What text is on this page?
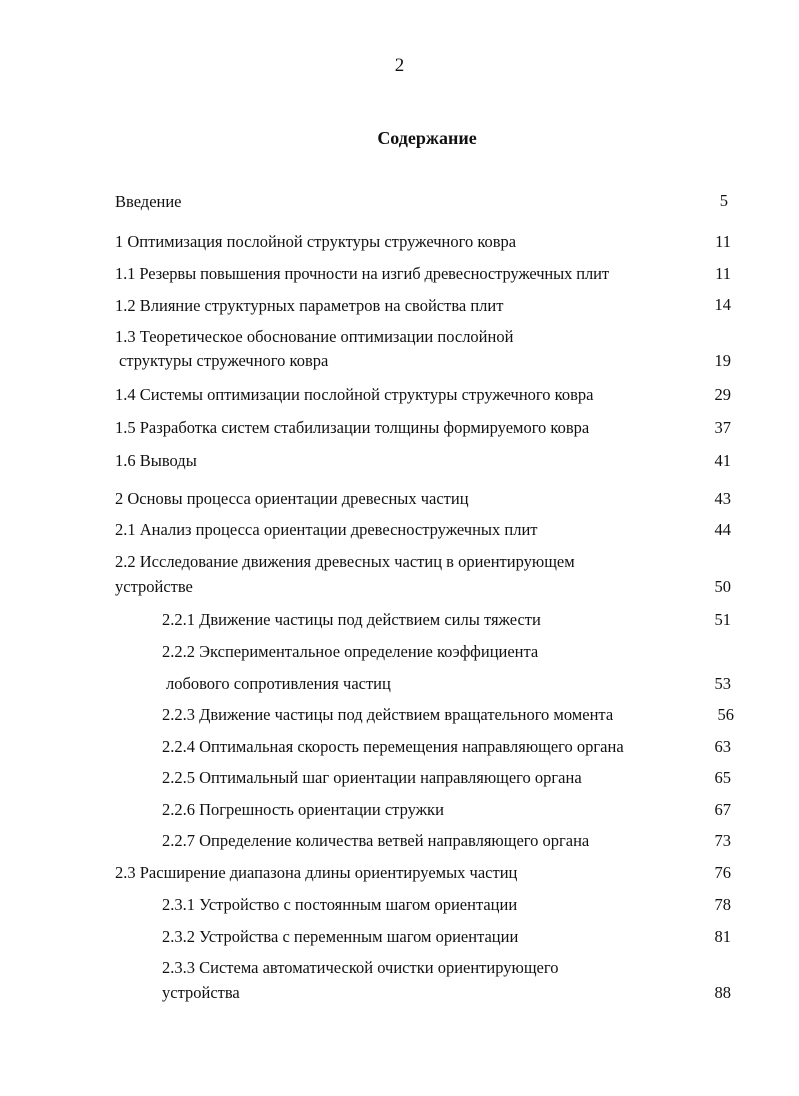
2
Содержание
Введение	5
1 Оптимизация послойной структуры стружечного ковра	11
1.1 Резервы повышения прочности на изгиб древесностружечных плит	11
1.2 Влияние структурных параметров на свойства плит	14
1.3 Теоретическое обоснование оптимизации послойной
структуры стружечного ковра	19
1.4 Системы оптимизации послойной структуры стружечного ковра	29
1.5 Разработка систем стабилизации толщины формируемого ковра	37
1.6 Выводы	41
2 Основы процесса ориентации древесных частиц	43
2.1 Анализ процесса ориентации древесностружечных плит	44
2.2 Исследование движения древесных частиц в ориентирующем
устройстве	50
2.2.1 Движение частицы под действием силы тяжести	51
2.2.2 Экспериментальное определение коэффициента
лобового сопротивления частиц	53
2.2.3 Движение частицы под действием вращательного момента	56
2.2.4 Оптимальная скорость перемещения направляющего органа	63
2.2.5 Оптимальный шаг ориентации направляющего органа	65
2.2.6 Погрешность ориентации стружки	67
2.2.7 Определение количества ветвей направляющего органа	73
2.3 Расширение диапазона длины ориентируемых частиц	76
2.3.1 Устройство с постоянным шагом ориентации	78
2.3.2 Устройства с переменным шагом ориентации	81
2.3.3 Система автоматической очистки ориентирующего
устройства	88
